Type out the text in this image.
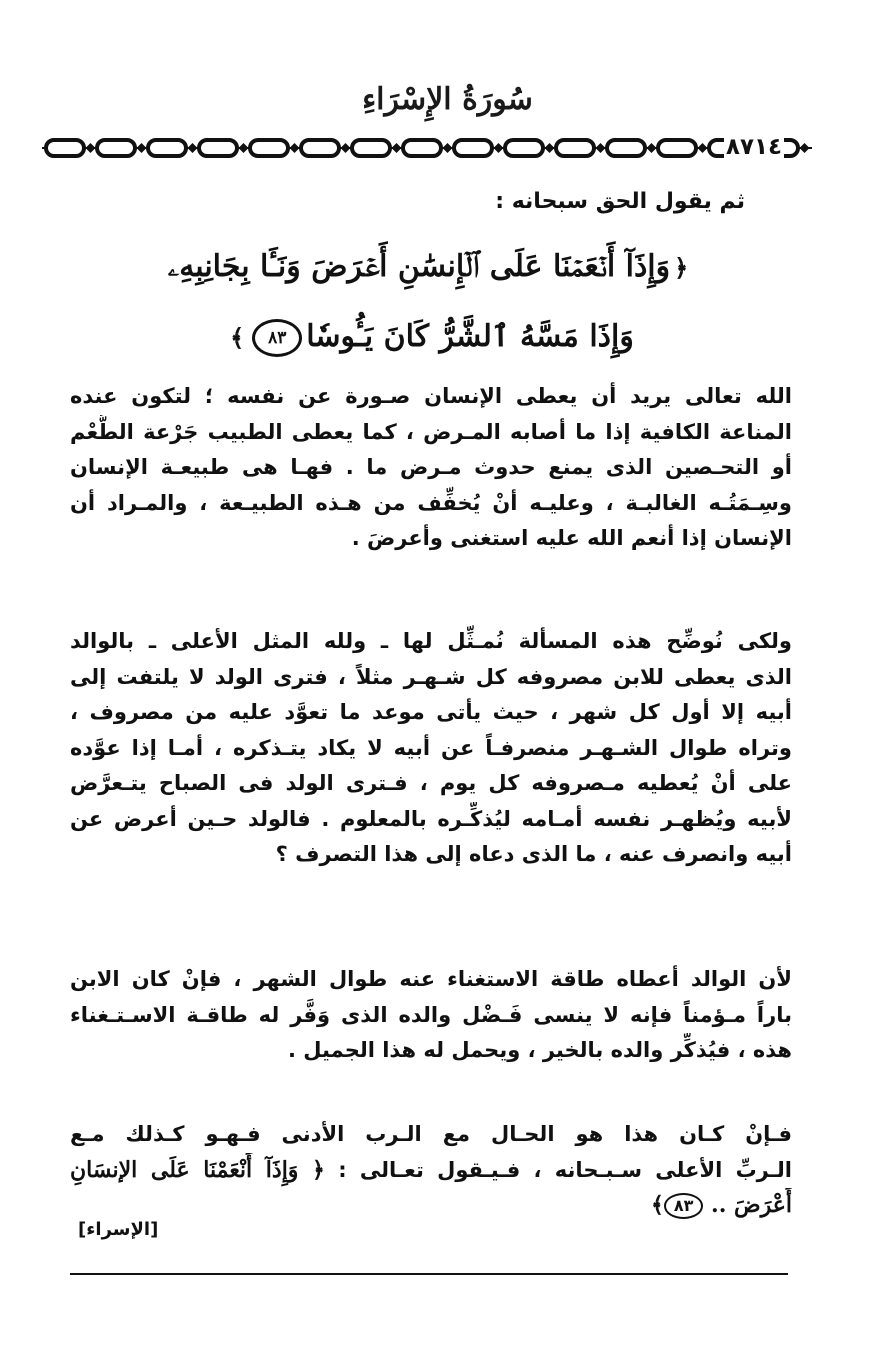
سُورَةُ الإِسْرَاءِ
٨٧١٤
ثم يقول الحق سبحانه :
﴿وَإِذَآ أَنۡعَمۡنَا عَلَى ٱلۡإِنسَٰنِ أَعۡرَضَ وَنَـَٔا بِجَانِبِهِۦ
وَإِذَا مَسَّهُ ٱلشَّرُّ كَانَ يَـُٔوسٗا٨٣﴾
الله تعالى يريد أن يعطى الإنسان صـورة عن نفسه ؛ لتكون عنده
المناعة الكافية إذا ما أصابه المـرض ، كما يعطى الطبيب جَرْعة الطُّعْم
أو التحـصين الذى يمنع حدوث مـرض ما . فهـا هى طبيعـة الإنسان
وسِـمَتُـه الغالبـة ، وعليـه أنْ يُخفِّف من هـذه الطبيـعة ، والمـراد أن
الإنسان إذا أنعم الله عليه استغنى وأعرضَ .
ولكى نُوضِّح هذه المسألة نُمـثِّل لها ـ ولله المثل الأعلى ـ بالوالد
الذى يعطى للابن مصروفه كل شـهـر مثلاً ، فترى الولد لا يلتفت إلى
أبيه إلا أول كل شهر ، حيث يأتى موعد ما تعوَّد عليه من مصروف ،
وتراه طوال الشـهـر منصرفـاً عن أبيه لا يكاد يتـذكره ، أمـا إذا عوَّده
على أنْ يُعطيه مـصروفه كل يوم ، فـترى الولد فى الصباح يتـعرَّض
لأبيه ويُظهـر نفسه أمـامه ليُذكِّـره بالمعلوم . فالولد حـين أعرض عن
أبيه وانصرف عنه ، ما الذى دعاه إلى هذا التصرف ؟
لأن الوالد أعطاه طاقة الاستغناء عنه طوال الشهر ، فإنْ كان الابن
باراً مـؤمناً فإنه لا ينسى فَـضْل والده الذى وَفَّر له طاقـة الاسـتـغناء
هذه ، فيُذكِّر والده بالخير ، ويحمل له هذا الجميل .
فـإنْ كـان هذا هو الحـال مع الـرب الأدنى فـهـو كـذلك مـع
الـربِّ الأعلى سـبـحانه ، فـيـقول تعـالى : ﴿ وَإِذَآ أَنْعَمْنَا عَلَى الإنسَانِ
أَعْرَضَ .. ٨٣﴾
[الإسراء]
